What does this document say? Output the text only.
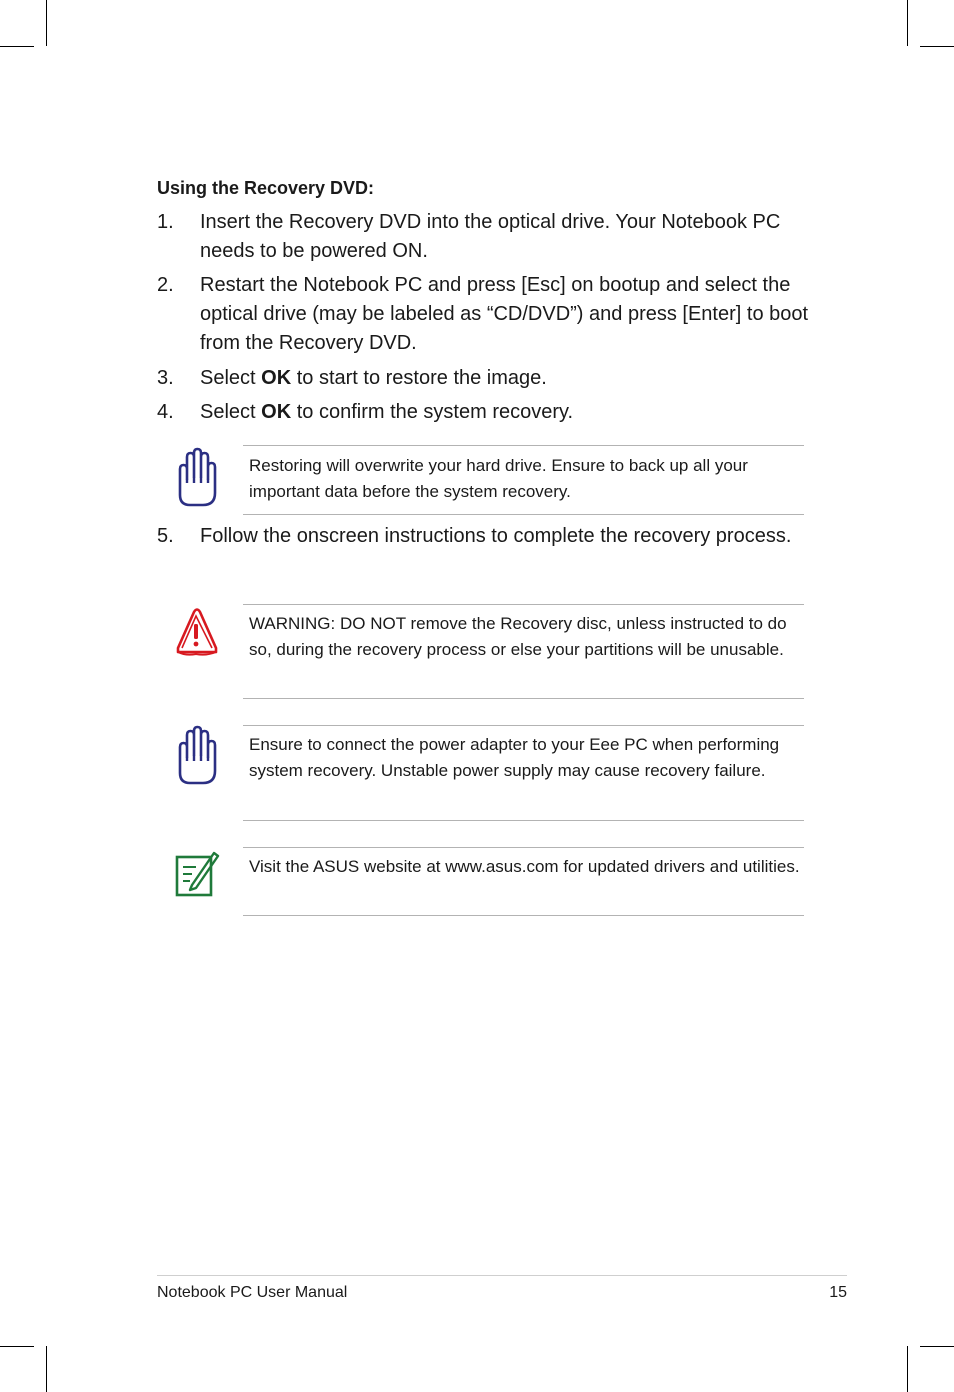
Using the Recovery DVD:
1.	Insert the Recovery DVD into the optical drive. Your Notebook PC needs to be powered ON.
2.	Restart the Notebook PC and press [Esc] on bootup and select the optical drive (may be labeled as “CD/DVD”) and press [Enter] to boot from the Recovery DVD.
3.	Select OK to start to restore the image.
4.	Select OK to confirm the system recovery.
Restoring will overwrite your hard drive. Ensure to back up all your important data before the system recovery.
5.	Follow the onscreen instructions to complete the recovery process.
WARNING: DO NOT remove the Recovery disc, unless instructed to do so, during the recovery process or else your partitions will be unusable.
Ensure to connect the power adapter to your Eee PC when performing system recovery. Unstable power supply may cause recovery failure.
Visit the ASUS website at www.asus.com for updated drivers and utilities.
Notebook PC User Manual	15
